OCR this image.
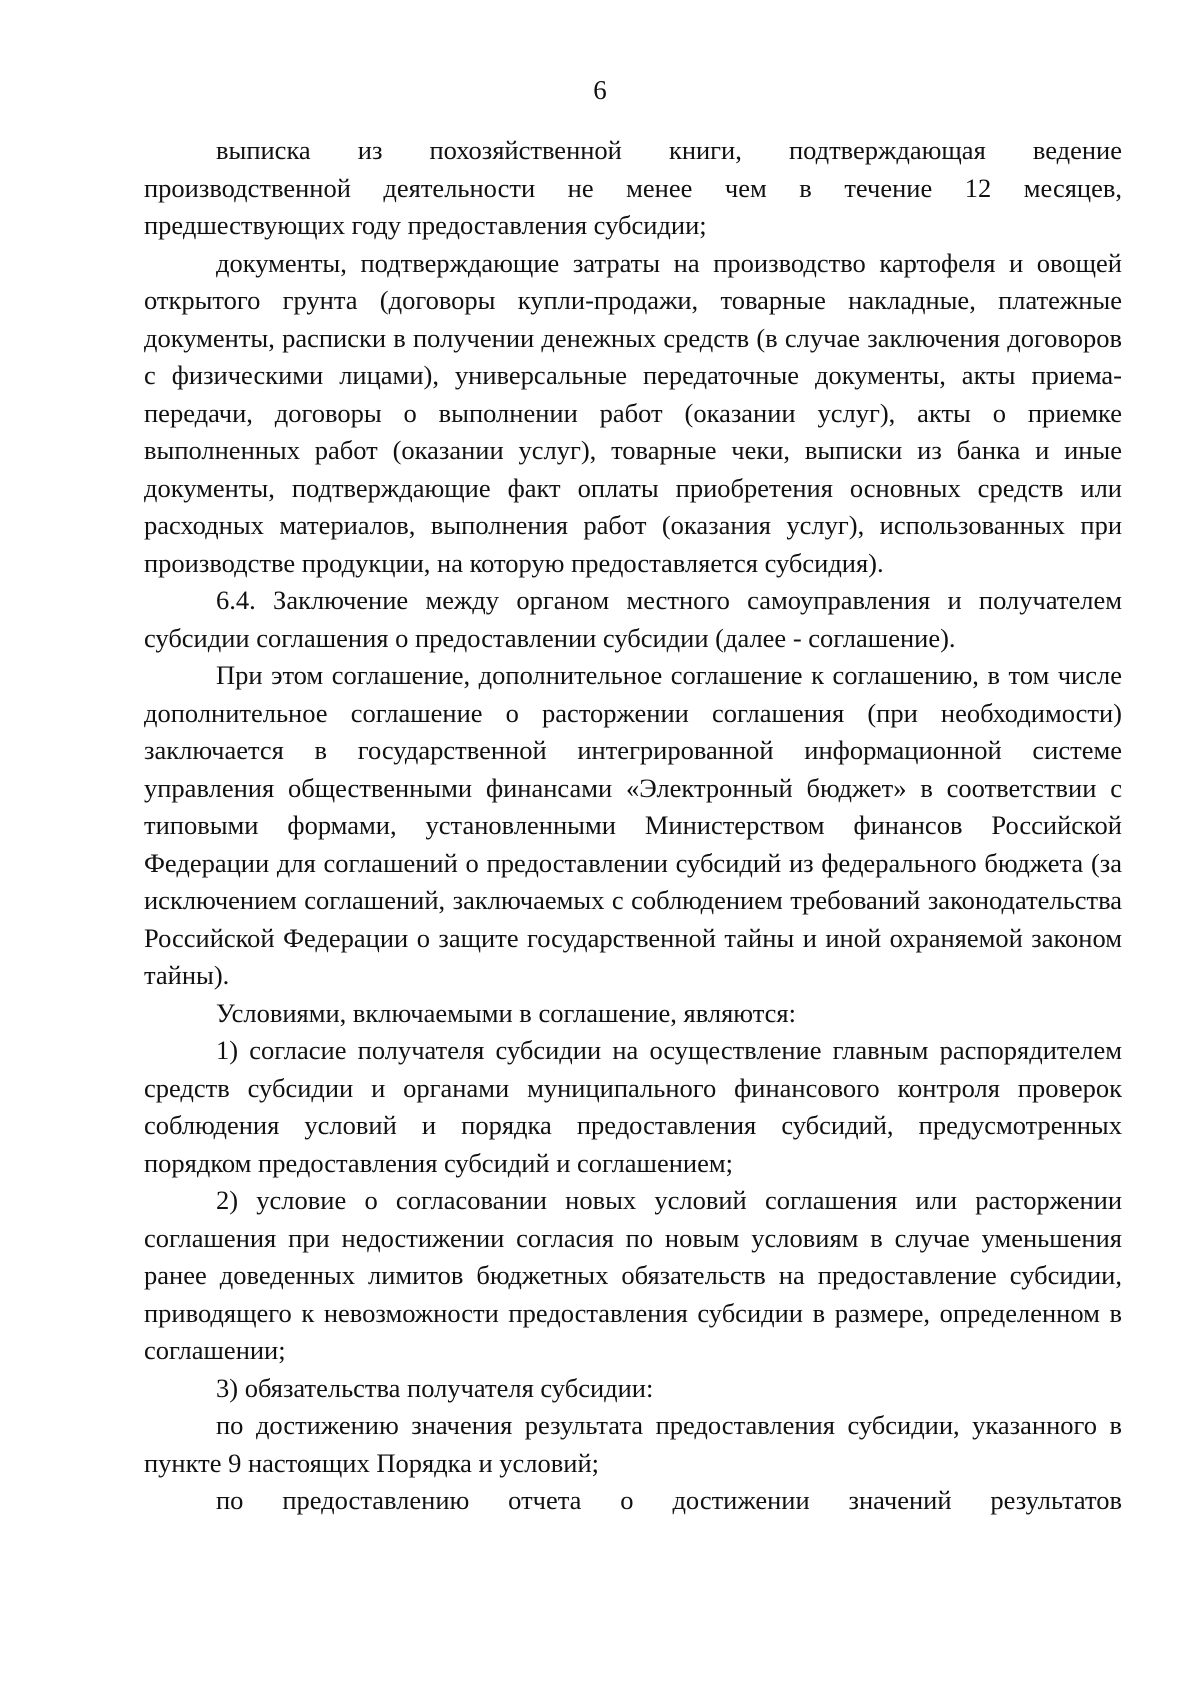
6

выписка из похозяйственной книги, подтверждающая ведение производственной деятельности не менее чем в течение 12 месяцев, предшествующих году предоставления субсидии;

документы, подтверждающие затраты на производство картофеля и овощей открытого грунта (договоры купли-продажи, товарные накладные, платежные документы, расписки в получении денежных средств (в случае заключения договоров с физическими лицами), универсальные передаточные документы, акты приема-передачи, договоры о выполнении работ (оказании услуг), акты о приемке выполненных работ (оказании услуг), товарные чеки, выписки из банка и иные документы, подтверждающие факт оплаты приобретения основных средств или расходных материалов, выполнения работ (оказания услуг), использованных при производстве продукции, на которую предоставляется субсидия).

6.4. Заключение между органом местного самоуправления и получателем субсидии соглашения о предоставлении субсидии (далее - соглашение).

При этом соглашение, дополнительное соглашение к соглашению, в том числе дополнительное соглашение о расторжении соглашения (при необходимости) заключается в государственной интегрированной информационной системе управления общественными финансами «Электронный бюджет» в соответствии с типовыми формами, установленными Министерством финансов Российской Федерации для соглашений о предоставлении субсидий из федерального бюджета (за исключением соглашений, заключаемых с соблюдением требований законодательства Российской Федерации о защите государственной тайны и иной охраняемой законом тайны).

Условиями, включаемыми в соглашение, являются:

1) согласие получателя субсидии на осуществление главным распорядителем средств субсидии и органами муниципального финансового контроля проверок соблюдения условий и порядка предоставления субсидий, предусмотренных порядком предоставления субсидий и соглашением;

2) условие о согласовании новых условий соглашения или расторжении соглашения при недостижении согласия по новым условиям в случае уменьшения ранее доведенных лимитов бюджетных обязательств на предоставление субсидии, приводящего к невозможности предоставления субсидии в размере, определенном в соглашении;

3) обязательства получателя субсидии:

по достижению значения результата предоставления субсидии, указанного в пункте 9 настоящих Порядка и условий;

по предоставлению отчета о достижении значений результатов
